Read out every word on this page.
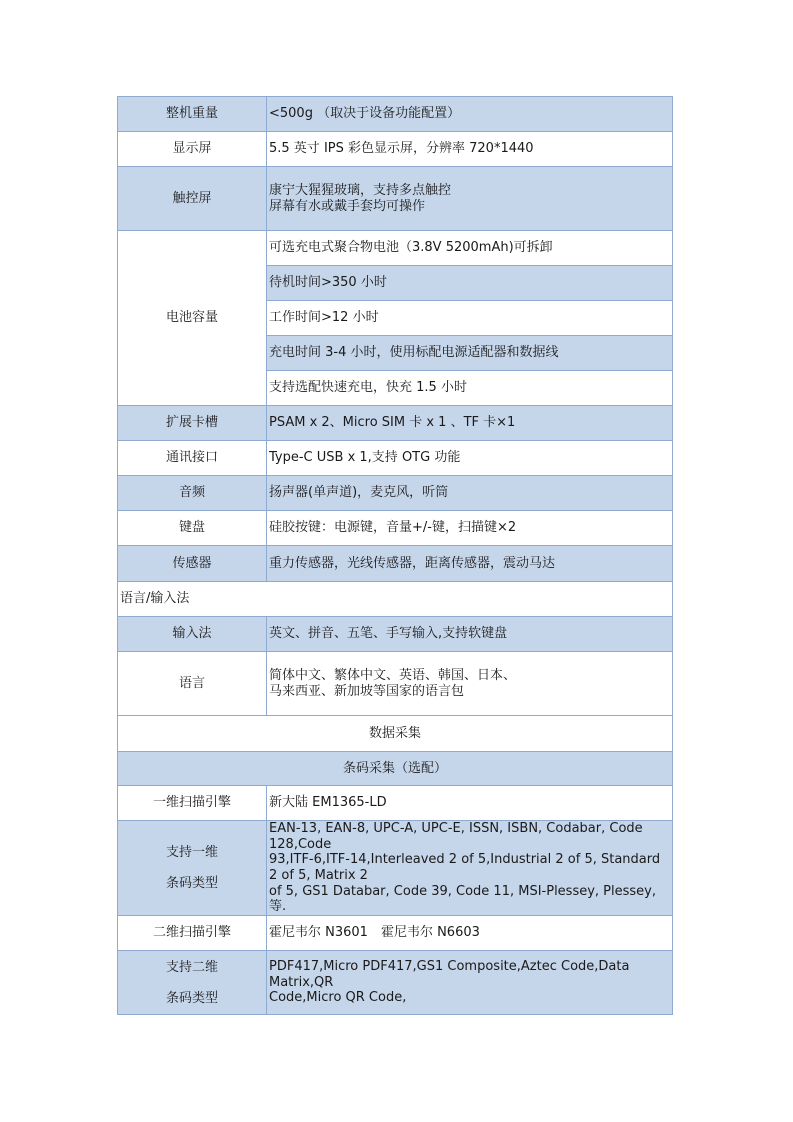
整机重量	<500g （取决于设备功能配置）
显示屏	5.5 英寸 IPS 彩色显示屏，分辨率 720*1440
触控屏	康宁大猩猩玻璃，支持多点触控
屏幕有水或戴手套均可操作

电池容量	可选充电式聚合物电池（3.8V 5200mAh)可拆卸
	待机时间>350 小时
	工作时间>12 小时
	充电时间 3-4 小时，使用标配电源适配器和数据线
	支持选配快速充电，快充 1.5 小时
扩展卡槽	PSAM x 2、Micro SIM 卡 x 1 、TF 卡×1
通讯接口	Type-C USB x 1,支持 OTG 功能
音频	扬声器(单声道)，麦克风，听筒
键盘	硅胶按键：电源键，音量+/-键，扫描键×2
传感器	重力传感器，光线传感器，距离传感器，震动马达
语言/输入法	
输入法	英文、拼音、五笔、手写输入,支持软键盘
语言	简体中文、繁体中文、英语、韩国、日本、
马来西亚、新加坡等国家的语言包

数据采集	
条码采集（选配）	
一维扫描引擎	新大陆 EM1365-LD

支持一维
条码类型	EAN-13, EAN-8, UPC-A, UPC-E, ISSN, ISBN, Codabar, Code 128,Code
93,ITF-6,ITF-14,Interleaved 2 of 5,Industrial 2 of 5, Standard 2 of 5, Matrix 2
of 5, GS1 Databar, Code 39, Code 11, MSI-Plessey, Plessey,等.

二维扫描引擎	霍尼韦尔 N3601　霍尼韦尔 N6603

支持二维
条码类型	PDF417,Micro PDF417,GS1 Composite,Aztec Code,Data Matrix,QR
Code,Micro QR Code,
